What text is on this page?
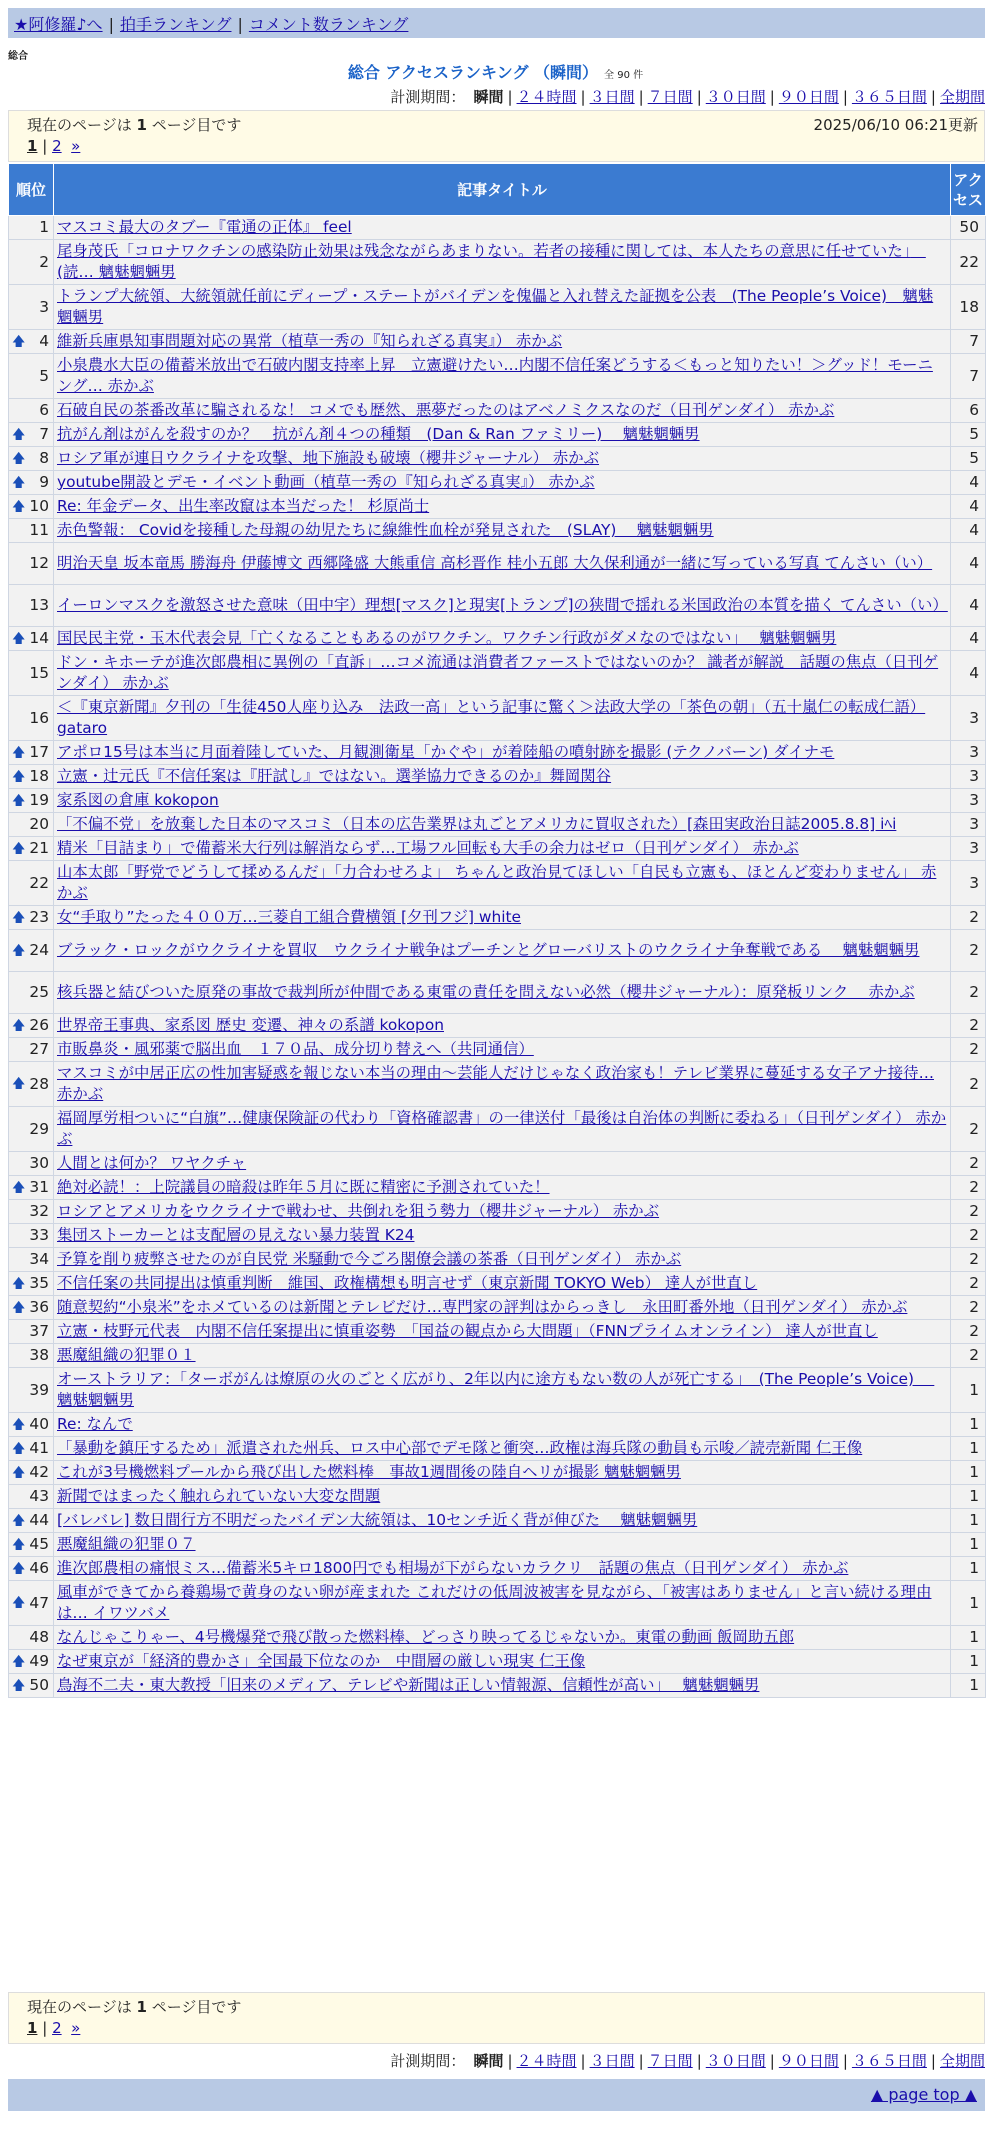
★阿修羅♪へ | 拍手ランキング | コメント数ランキング
総合
総合 アクセスランキング （瞬間） 全 90 件
計測期間： 瞬間 | ２４時間 | ３日間 | ７日間 | ３０日間 | ９０日間 | ３６５日間 | 全期間
現在のページは 1 ページ目です	2025/06/10 06:21更新
1 | 2 »
順位	記事タイトル	アクセス
1	マスコミ最大のタブー『電通の正体』 feel	50
2	尾身茂氏「コロナワクチンの感染防止効果は残念ながらあまりない。若者の接種に関しては、本人たちの意思に任せていた」　(読… 魑魅魍魎男	22
3	トランプ大統領、大統領就任前にディープ・ステートがバイデンを傀儡と入れ替えた証拠を公表　(The People’s Voice)　魑魅魍魎男	18

🡅 4	維新兵庫県知事問題対応の異常（植草一秀の『知られざる真実』） 赤かぶ	7
5	小泉農水大臣の備蓄米放出で石破内閣支持率上昇　立憲避けたい…内閣不信任案どうする＜もっと知りたい！＞グッド！モーニング… 赤かぶ	7
6	石破自民の茶番改革に騙されるな！ コメでも歴然、悪夢だったのはアベノミクスなのだ（日刊ゲンダイ） 赤かぶ	6

🡅 7	抗がん剤はがんを殺すのか？　抗がん剤４つの種類　(Dan & Ran ファミリー)　 魑魅魍魎男	5

🡅 8	ロシア軍が連日ウクライナを攻撃、地下施設も破壊（櫻井ジャーナル） 赤かぶ	5

🡅 9	youtube開設とデモ・イベント動画（植草一秀の『知られざる真実』） 赤かぶ	4

🡅 10	Re: 年金データ、出生率改竄は本当だった！ 杉原尚士	4
11	赤色警報： Covidを接種した母親の幼児たちに線維性血栓が発見された　(SLAY)　 魑魅魍魎男	4
12	明治天皇 坂本竜馬 勝海舟 伊藤博文 西郷隆盛 大熊重信 高杉晋作 桂小五郎 大久保利通が一緒に写っている写真 てんさい（い）	4
13	イーロンマスクを激怒させた意味（田中宇）理想[マスク]と現実[トランプ]の狭間で揺れる米国政治の本質を描く てんさい（い）	4

🡅 14	国民民主党・玉木代表会見「亡くなることもあるのがワクチン。ワクチン行政がダメなのではない」　 魑魅魍魎男	4
15	ドン・キホーテが進次郎農相に異例の「直訴」…コメ流通は消費者ファーストではないのか？ 識者が解説　話題の焦点（日刊ゲンダイ） 赤かぶ	4
16	＜『東京新聞』夕刊の「生徒450人座り込み　法政一高」という記事に驚く＞法政大学の「茶色の朝」（五十嵐仁の転成仁語） gataro	3

🡅 17	アポロ15号は本当に月面着陸していた、月観測衛星「かぐや」が着陸船の噴射跡を撮影 (テクノバーン) ダイナモ	3

🡅 18	立憲・辻元氏『不信任案は『肝試し』ではない。選挙協力できるのか』舞岡関谷	3

🡅 19	家系図の倉庫 kokopon	3
20	「不偏不党」を放棄した日本のマスコミ（日本の広告業界は丸ごとアメリカに買収された）[森田実政治日誌2005.8.8] iﾍi	3

🡅 21	精米「目詰まり」で備蓄米大行列は解消ならず…工場フル回転も大手の余力はゼロ（日刊ゲンダイ） 赤かぶ	3
22	山本太郎「野党でどうして揉めるんだ」「力合わせろよ」 ちゃんと政治見てほしい「自民も立憲も、ほとんど変わりません」 赤かぶ	3

🡅 23	女“手取り”たった４００万…三菱自工組合費横領 [夕刊フジ] white	2

🡅 24	ブラック・ロックがウクライナを買収　ウクライナ戦争はプーチンとグローバリストのウクライナ争奪戦である　 魑魅魍魎男	2
25	核兵器と結びついた原発の事故で裁判所が仲間である東電の責任を問えない必然（櫻井ジャーナル）：原発板リンク　 赤かぶ	2

🡅 26	世界帝王事典、家系図 歴史 変遷、神々の系譜 kokopon	2
27	市販鼻炎・風邪薬で脳出血　１７０品、成分切り替えへ（共同通信）	2

🡅 28	マスコミが中居正広の性加害疑惑を報じない本当の理由～芸能人だけじゃなく政治家も！テレビ業界に蔓延する女子アナ接待… 赤かぶ	2
29	福岡厚労相ついに“白旗”…健康保険証の代わり「資格確認書」の一律送付「最後は自治体の判断に委ねる」（日刊ゲンダイ） 赤かぶ	2
30	人間とは何か？ ワヤクチャ	2

🡅 31	絶対必読！：上院議員の暗殺は昨年５月に既に精密に予測されていた！	2
32	ロシアとアメリカをウクライナで戦わせ、共倒れを狙う勢力（櫻井ジャーナル） 赤かぶ	2
33	集団ストーカーとは支配層の見えない暴力装置 K24	2
34	予算を削り疲弊させたのが自民党 米騒動で今ごろ閣僚会議の茶番（日刊ゲンダイ） 赤かぶ	2

🡅 35	不信任案の共同提出は慎重判断　維国、政権構想も明言せず（東京新聞 TOKYO Web） 達人が世直し	2

🡅 36	随意契約“小泉米”をホメているのは新聞とテレビだけ…専門家の評判はからっきし　永田町番外地（日刊ゲンダイ） 赤かぶ	2
37	立憲・枝野元代表　内閣不信任案提出に慎重姿勢　「国益の観点から大問題」（FNNプライムオンライン） 達人が世直し	2
38	悪魔組織の犯罪０１	2
39	オーストラリア：「ターボがんは燎原の火のごとく広がり、2年以内に途方もない数の人が死亡する」　(The People’s Voice)　 魑魅魍魎男	1

🡅 40	Re: なんで	1

🡅 41	「暴動を鎮圧するため」派遣された州兵、ロス中心部でデモ隊と衝突…政権は海兵隊の動員も示唆／読売新聞 仁王像	1

🡅 42	これが3号機燃料プールから飛び出した燃料棒　事故1週間後の陸自ヘリが撮影 魑魅魍魎男	1
43	新聞ではまったく触れられていない大変な問題	1

🡅 44	[バレバレ] 数日間行方不明だったバイデン大統領は、10センチ近く背が伸びた　 魑魅魍魎男	1

🡅 45	悪魔組織の犯罪０７	1

🡅 46	進次郎農相の痛恨ミス…備蓄米5キロ1800円でも相場が下がらないカラクリ　話題の焦点（日刊ゲンダイ） 赤かぶ	1

🡅 47	風車ができてから養鶏場で黄身のない卵が産まれた これだけの低周波被害を見ながら、「被害はありません」と言い続ける理由は… イワツバメ	1
48	なんじゃこりゃー、4号機爆発で飛び散った燃料棒、どっさり映ってるじゃないか。東電の動画 飯岡助五郎	1

🡅 49	なぜ東京が「経済的豊かさ」全国最下位なのか　中間層の厳しい現実 仁王像	1

🡅 50	鳥海不二夫・東大教授「旧来のメディア、テレビや新聞は正しい情報源、信頼性が高い」　 魑魅魍魎男	1
現在のページは 1 ページ目です
1 | 2 »
計測期間： 瞬間 | ２４時間 | ３日間 | ７日間 | ３０日間 | ９０日間 | ３６５日間 | 全期間
▲ page top ▲
